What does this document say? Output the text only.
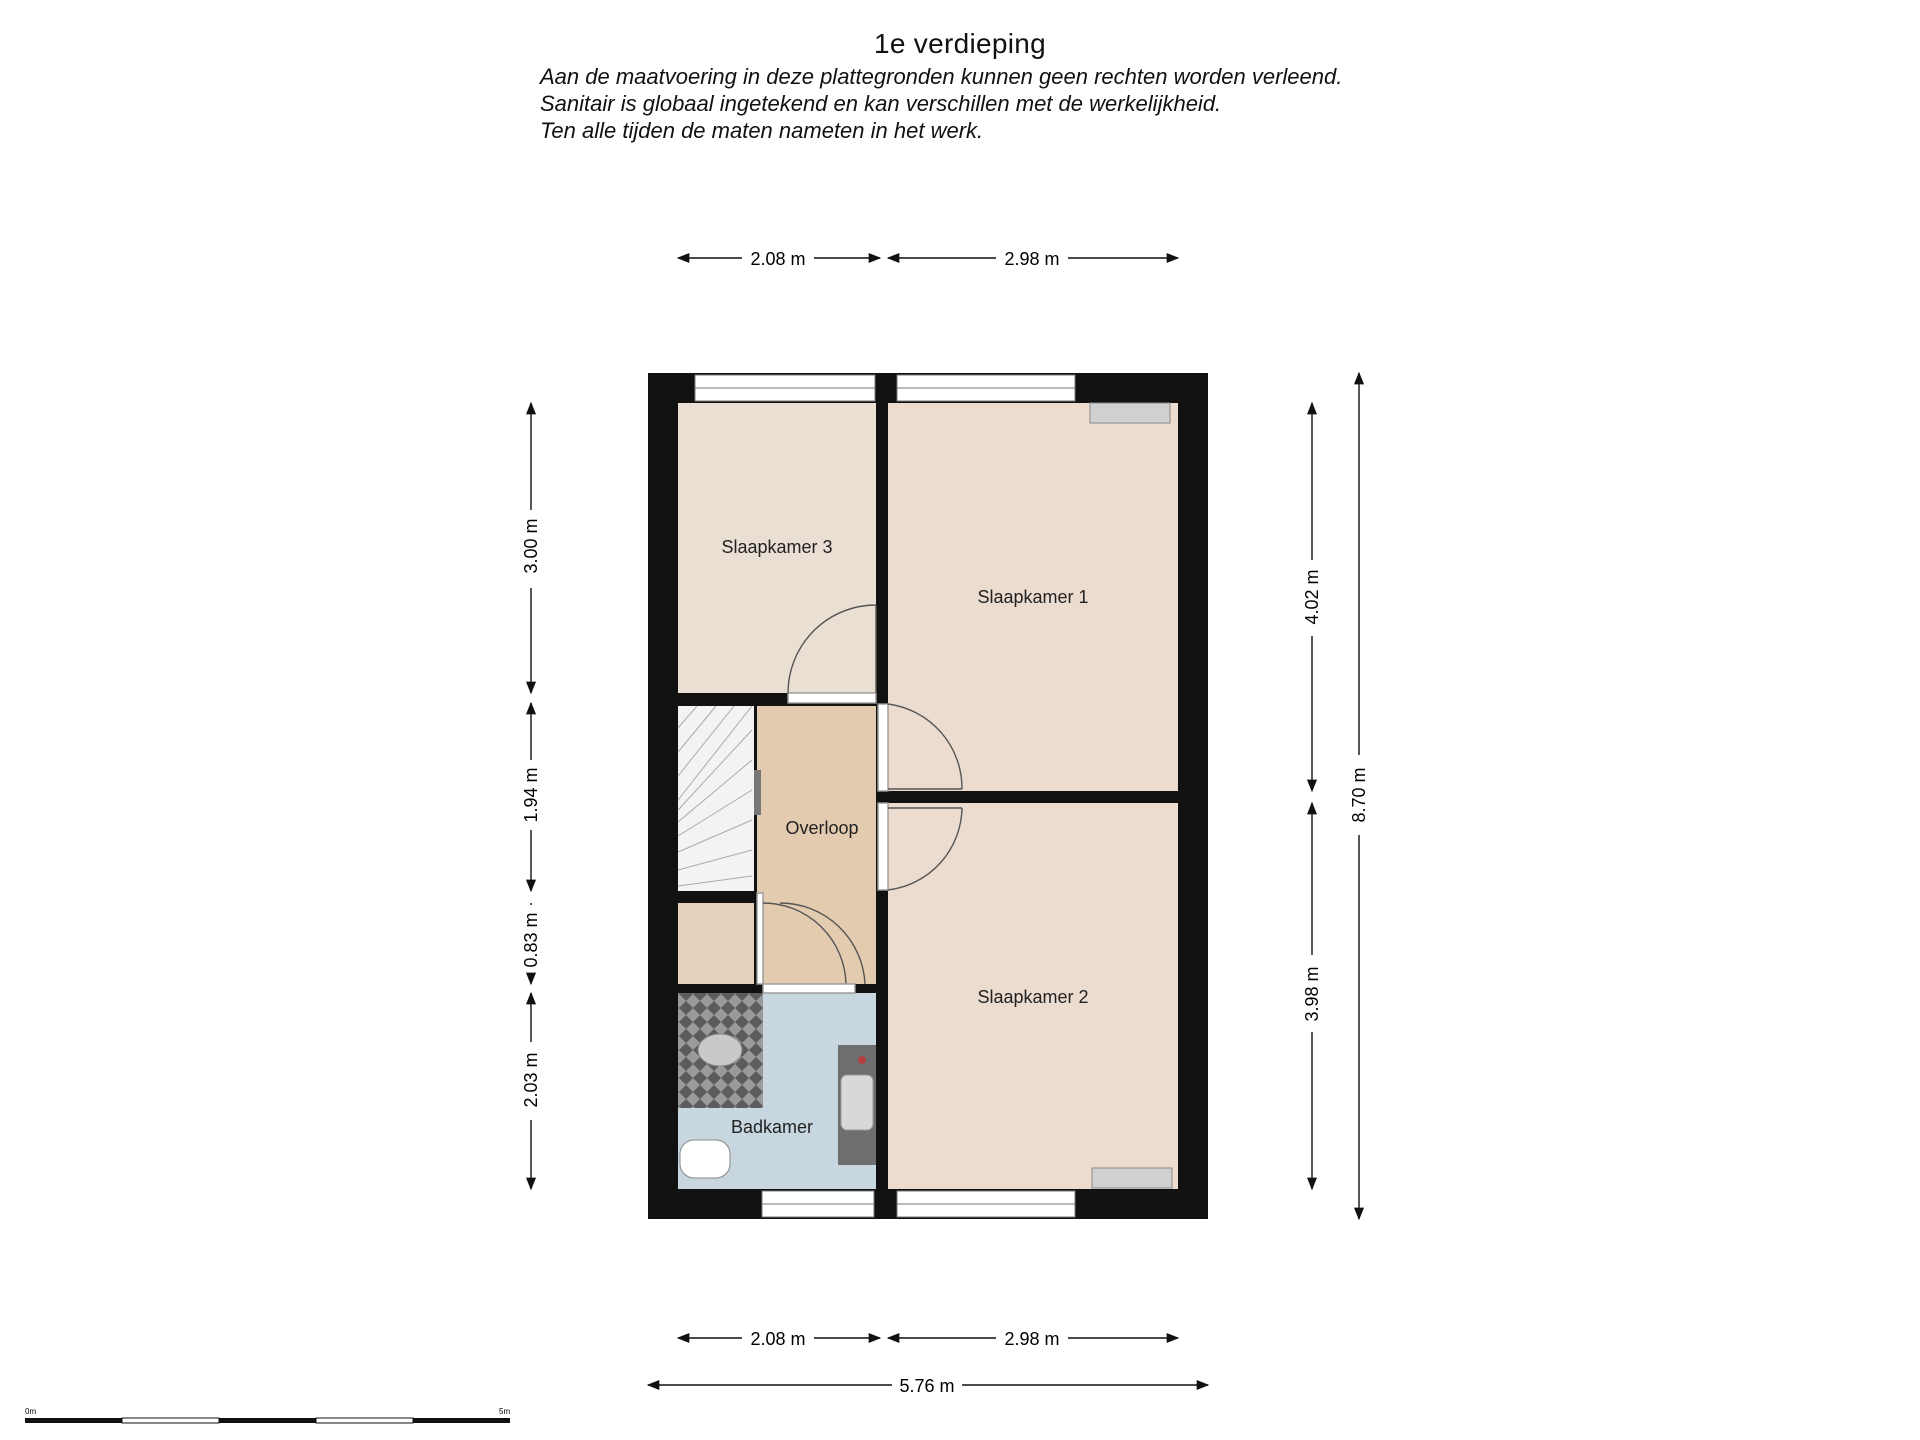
1e verdieping
Aan de maatvoering in deze plattegronden kunnen geen rechten worden verleend.
Sanitair is globaal ingetekend en kan verschillen met de werkelijkheid.
Ten alle tijden de maten nameten in het werk.
Slaapkamer 3
Slaapkamer 1
Slaapkamer 2
Overloop
Badkamer
2.08 m	2.98 m
2.08 m	2.98 m
5.76 m
3.00 m
1.94 m
0.83 m
2.03 m
4.02 m
3.98 m
8.70 m
0m	5m
